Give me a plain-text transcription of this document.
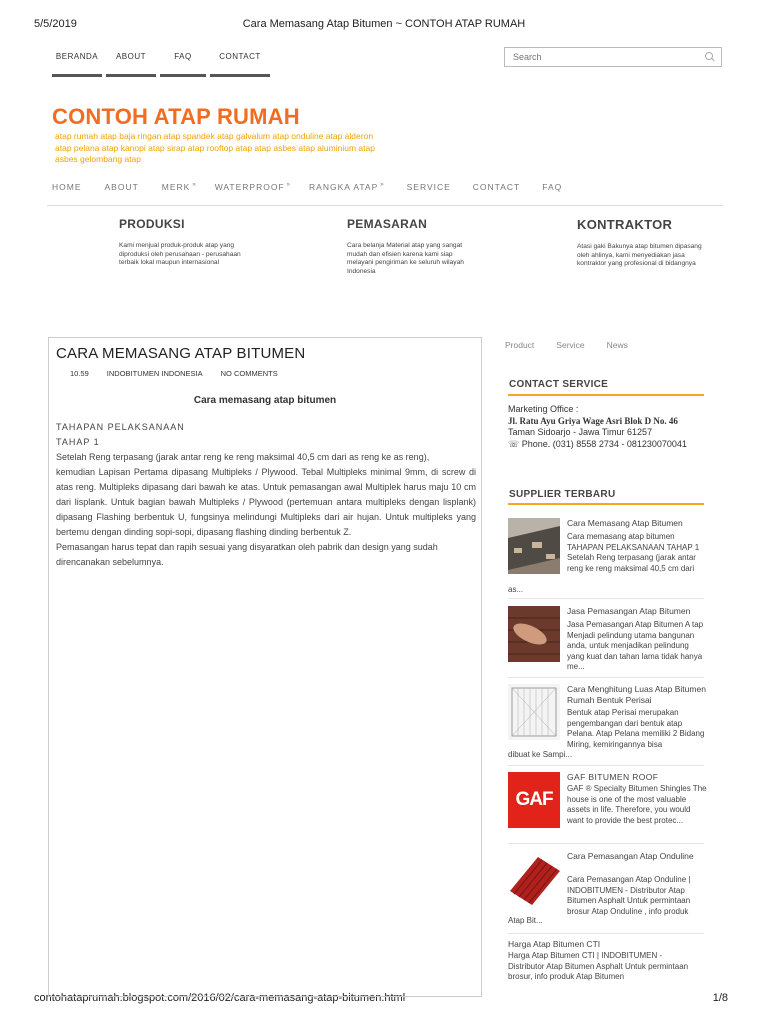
5/5/2019	Cara Memasang Atap Bitumen ~ CONTOH ATAP RUMAH
contohataprumah.blogspot.com/2016/02/cara-memasang-atap-bitumen.html	1/8
BERANDA	ABOUT	FAQ	CONTACT
Search
CONTOH ATAP RUMAH
atap rumah atap baja ringan atap spandek atap galvalum atap onduline atap alderon atap pelana atap kanopi atap sirap atap rooftop atap atap asbes atap aluminium atap asbes gelombang atap
HOME	ABOUT	MERK » WATERPROOF » RANGKA ATAP »	SERVICE	CONTACT	FAQ
PRODUKSI

Kami menjual produk-produk atap yang diproduksi oleh perusahaan - perusahaan terbaik lokal maupun internasional

PEMASARAN

Cara belanja Material atap yang sangat mudah dan efisien karena kami siap melayani pengiriman ke seluruh wilayah Indonesia

KONTRAKTOR

Atasi gaki Bakunya atap bitumen dipasang oleh ahlinya, kami menyediakan jasa kontraktor yang profesional di bidangnya

CARA MEMASANG ATAP BITUMEN
10.59 INDOBITUMEN INDONESIA NO COMMENTS
Cara memasang atap bitumen

TAHAPAN PELAKSANAAN

TAHAP 1

Setelah Reng terpasang (jarak antar reng ke reng maksimal 40,5 cm dari as reng ke as reng),

kemudian Lapisan Pertama dipasang Multipleks / Plywood. Tebal Multipleks minimal 9mm, di screw di atas reng. Multipleks dipasang dari bawah ke atas. Untuk pemasangan awal Multiplek harus maju 10 cm dari lisplank. Untuk bagian bawah Multipleks / Plywood (pertemuan antara multipleks dengan lisplank) dipasang Flashing berbentuk U, fungsinya melindungi Multipleks dari air hujan. Untuk multipleks yang bertemu dengan dinding sopi-sopi, dipasang flashing dinding berbentuk Z.

Pemasangan harus tepat dan rapih sesuai yang disyaratkan oleh pabrik dan design yang sudah

direncanakan sebelumnya.

Product	Service	News
CONTACT SERVICE
Marketing Office :
Jl. Ratu Ayu Griya Wage Asri Blok D No. 46
Taman Sidoarjo - Jawa Timur 61257
☏ Phone. (031) 8558 2734 - 081230070041
SUPPLIER TERBARU
Cara Memasang Atap Bitumen
Cara memasang atap bitumen TAHAPAN PELAKSANAAN TAHAP 1 Setelah Reng terpasang (jarak antar reng ke reng maksimal 40,5 cm dari
as...
Jasa Pemasangan Atap Bitumen
Jasa Pemasangan Atap Bitumen A tap Menjadi pelindung utama bangunan anda, untuk menjadikan pelindung yang kuat dan tahan lama tidak hanya me...
Cara Menghitung Luas Atap Bitumen Rumah Bentuk Perisai
Bentuk atap Perisai merupakan pengembangan dari bentuk atap Pelana. Atap Pelana memiliki 2 Bidang Miring, kemiringannya bisa
dibuat ke Sampi...
GAF
GAF BITUMEN ROOF
GAF ® Specialty Bitumen Shingles The house is one of the most valuable assets in life. Therefore, you would want to provide the best protec...
Cara Pemasangan Atap Onduline
Cara Pemasangan Atap Onduline | INDOBITUMEN - Distributor Atap Bitumen Asphalt Untuk permintaan brosur Atap Onduline , info produk
Atap Bit...
Harga Atap Bitumen CTI
Harga Atap Bitumen CTI | INDOBITUMEN - Distributor Atap Bitumen Asphalt Untuk permintaan brosur, info produk Atap Bitumen
